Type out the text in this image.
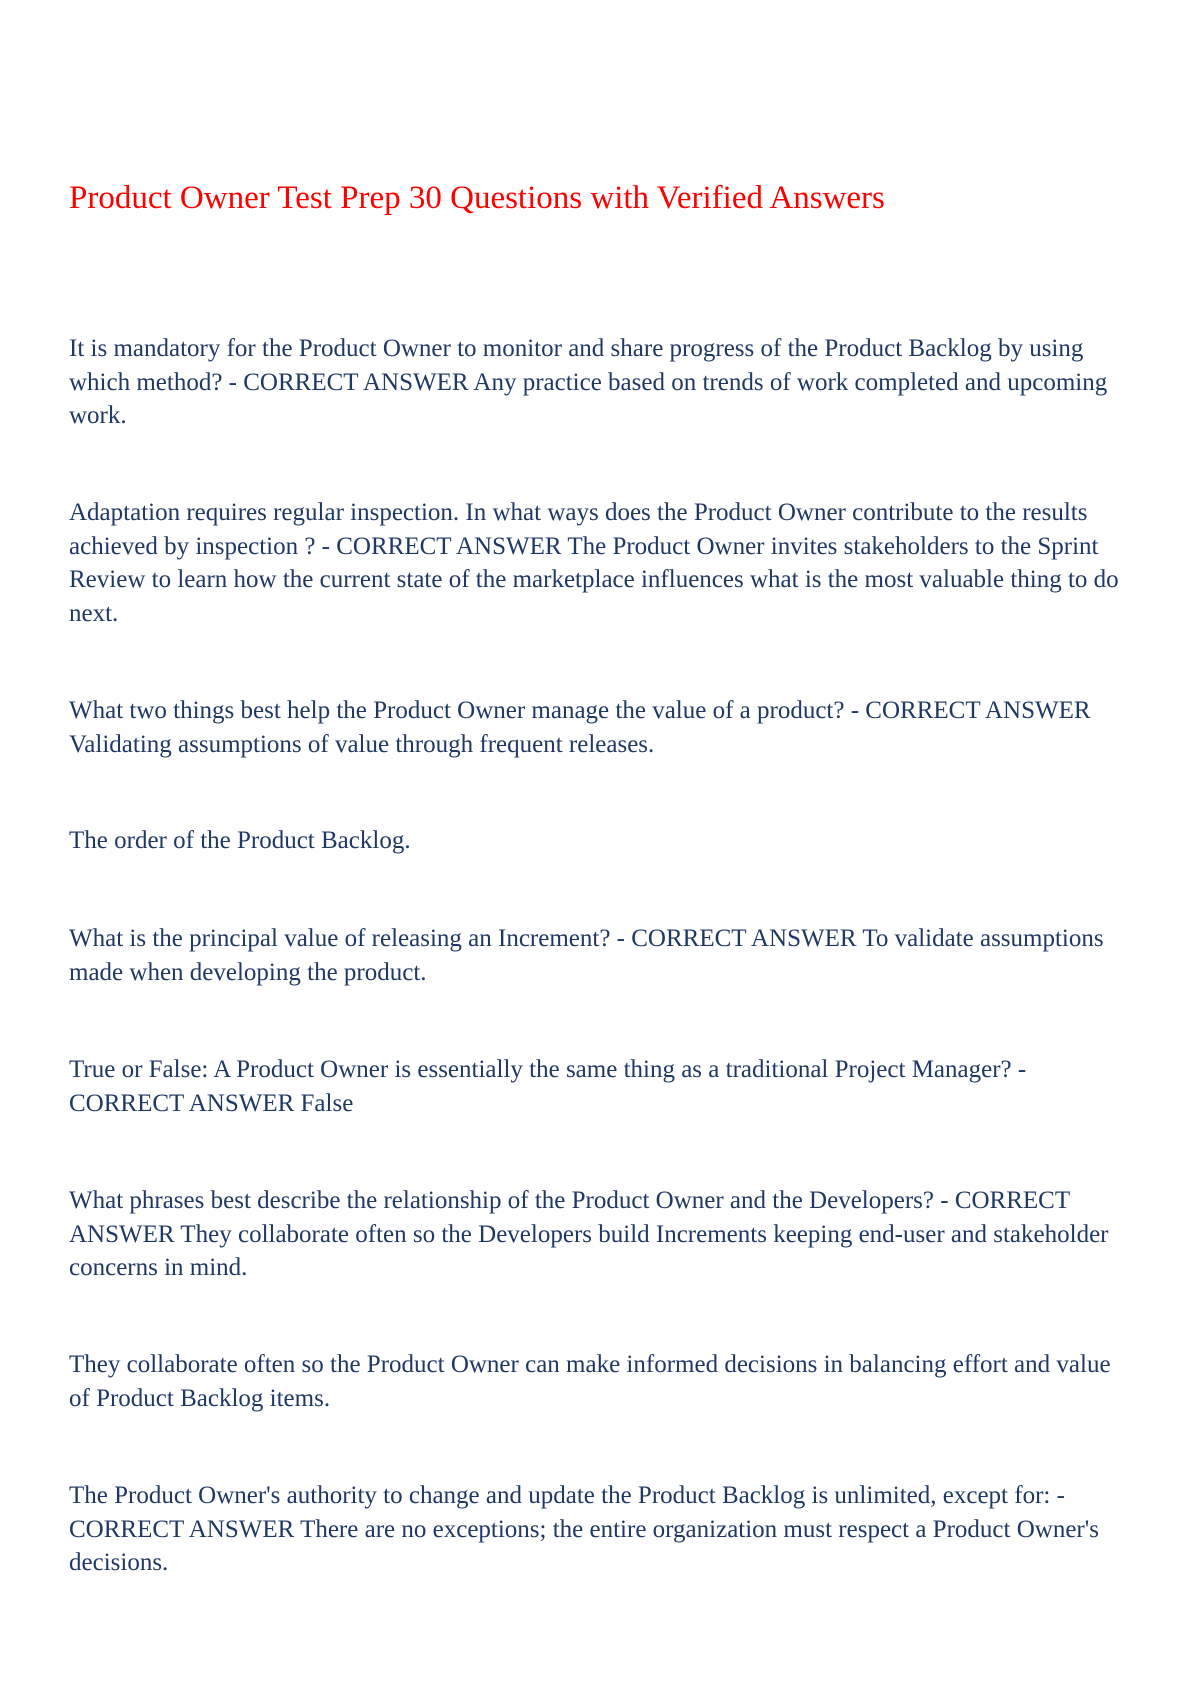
Product Owner Test Prep 30 Questions with Verified Answers

It is mandatory for the Product Owner to monitor and share progress of the Product Backlog by using which method? - CORRECT ANSWER Any practice based on trends of work completed and upcoming work.

Adaptation requires regular inspection. In what ways does the Product Owner contribute to the results achieved by inspection ? - CORRECT ANSWER The Product Owner invites stakeholders to the Sprint Review to learn how the current state of the marketplace influences what is the most valuable thing to do next.

What two things best help the Product Owner manage the value of a product? - CORRECT ANSWER Validating assumptions of value through frequent releases.

The order of the Product Backlog.

What is the principal value of releasing an Increment? - CORRECT ANSWER To validate assumptions made when developing the product.

True or False: A Product Owner is essentially the same thing as a traditional Project Manager? - CORRECT ANSWER False

What phrases best describe the relationship of the Product Owner and the Developers? - CORRECT ANSWER They collaborate often so the Developers build Increments keeping end-user and stakeholder concerns in mind.

They collaborate often so the Product Owner can make informed decisions in balancing effort and value of Product Backlog items.

The Product Owner's authority to change and update the Product Backlog is unlimited, except for: - CORRECT ANSWER There are no exceptions; the entire organization must respect a Product Owner's decisions.
